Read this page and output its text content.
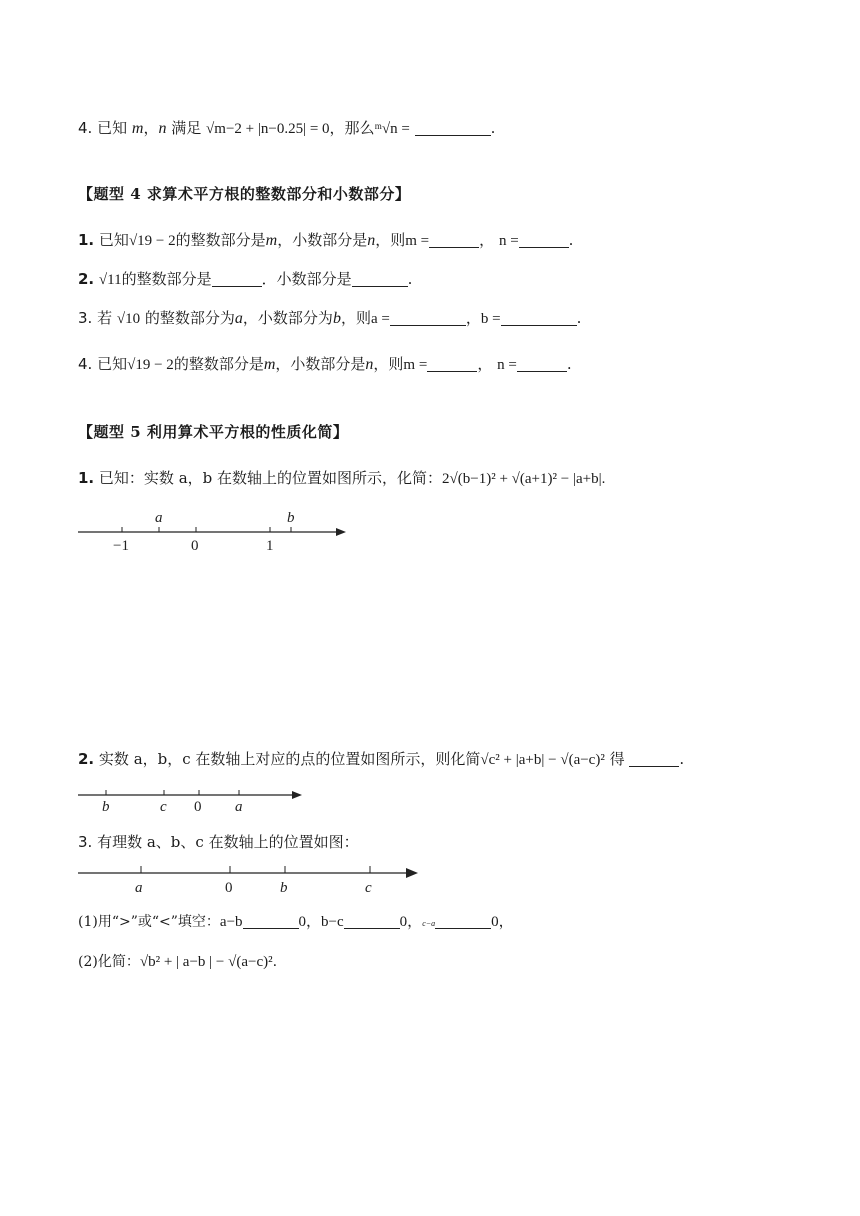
4. 已知 m，n 满足 √m−2 + |n−0.25| = 0，那么ᵐ√n =	.
【题型 4 求算术平方根的整数部分和小数部分】
1. 已知√19 − 2的整数部分是m，小数部分是n，则m =	， n =	.
2. √11的整数部分是	．小数部分是	.
3. 若 √10 的整数部分为a，小数部分为b，则a =	，b =	.
4. 已知√19 − 2的整数部分是m，小数部分是n，则m =	， n =	.
【题型 5 利用算术平方根的性质化简】
1. 已知：实数 a，b 在数轴上的位置如图所示，化简：2√(b−1)² + √(a+1)² − |a+b|.
a	b
−1	0	1
b	c 0 a
a	0	b	c
2. 实数 a，b，c 在数轴上对应的点的位置如图所示，则化简√c² + |a+b| − √(a−c)² 得	.
3. 有理数 a、b、c 在数轴上的位置如图：
(1)用“>”或“<”填空：a−b	0，b−c	0，c−a	0，
(2)化简：√b² + | a−b | − √(a−c)².
